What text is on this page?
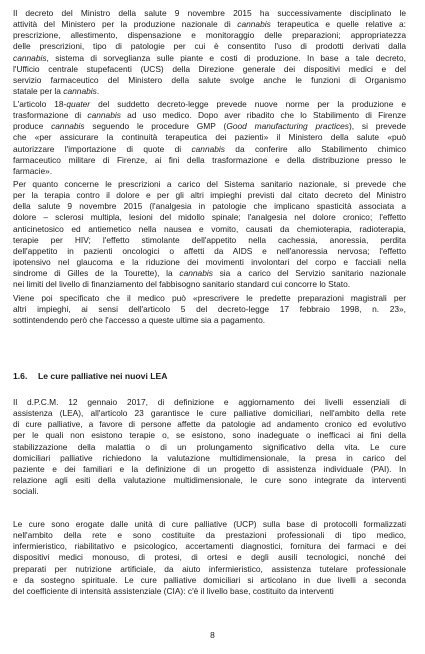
Il decreto del Ministro della salute 9 novembre 2015 ha successivamente disciplinato le
attività del Ministero per la produzione nazionale di cannabis terapeutica e quelle relative a:
prescrizione, allestimento, dispensazione e monitoraggio delle preparazioni; appropriatezza
delle prescrizioni, tipo di patologie per cui è consentito l'uso di prodotti derivati dalla
cannabis, sistema di sorveglianza sulle piante e costi di produzione. In base a tale decreto,
l'Ufficio centrale stupefacenti (UCS) della Direzione generale dei dispositivi medici e del
servizio farmaceutico del Ministero della salute svolge anche le funzioni di Organismo
statale per la cannabis.
L'articolo 18-quater del suddetto decreto-legge prevede nuove norme per la produzione e
trasformazione di cannabis ad uso medico. Dopo aver ribadito che lo Stabilimento di Firenze
produce cannabis seguendo le procedure GMP (Good manufacturing practices), si prevede
che «per assicurare la continuità terapeutica dei pazienti» il Ministero della salute «può
autorizzare l'importazione di quote di cannabis da conferire allo Stabilimento chimico
farmaceutico militare di Firenze, ai fini della trasformazione e della distribuzione presso le
farmacie».
Per quanto concerne le prescrizioni a carico del Sistema sanitario nazionale, si prevede che
per la terapia contro il dolore e per gli altri impieghi previsti dal citato decreto del Ministro
della salute 9 novembre 2015 (l'analgesia in patologie che implicano spasticità associata a
dolore – sclerosi multipla, lesioni del midollo spinale; l'analgesia nel dolore cronico; l'effetto
anticinetosico ed antiemetico nella nausea e vomito, causati da chemioterapia, radioterapia,
terapie per HIV; l'effetto stimolante dell'appetito nella cachessia, anoressia, perdita
dell'appetito in pazienti oncologici o affetti da AIDS e nell'anoressia nervosa; l'effetto
ipotensivo nel glaucoma e la riduzione dei movimenti involontari del corpo e facciali nella
sindrome di Gilles de la Tourette), la cannabis sia a carico del Servizio sanitario nazionale
nei limiti del livello di finanziamento del fabbisogno sanitario standard cui concorre lo Stato.
Viene poi specificato che il medico può «prescrivere le predette preparazioni magistrali per
altri impieghi, ai sensi dell'articolo 5 del decreto-legge 17 febbraio 1998, n. 23»,
sottintendendo però che l'accesso a queste ultime sia a pagamento.
1.6. Le cure palliative nei nuovi LEA
Il d.P.C.M. 12 gennaio 2017, di definizione e aggiornamento dei livelli essenziali di
assistenza (LEA), all'articolo 23 garantisce le cure palliative domiciliari, nell'ambito della rete
di cure palliative, a favore di persone affette da patologie ad andamento cronico ed evolutivo
per le quali non esistono terapie o, se esistono, sono inadeguate o inefficaci ai fini della
stabilizzazione della malattia o di un prolungamento significativo della vita. Le cure
domiciliari palliative richiedono la valutazione multidimensionale, la presa in carico del
paziente e dei familiari e la definizione di un progetto di assistenza individuale (PAI). In
relazione agli esiti della valutazione multidimensionale, le cure sono integrate da interventi
sociali.
Le cure sono erogate dalle unità di cure palliative (UCP) sulla base di protocolli formalizzati
nell'ambito della rete e sono costituite da prestazioni professionali di tipo medico,
infermieristico, riabilitativo e psicologico, accertamenti diagnostici, fornitura dei farmaci e dei
dispositivi medici monouso, di protesi, di ortesi e degli ausili tecnologici, nonché dei
preparati per nutrizione artificiale, da aiuto infermieristico, assistenza tutelare professionale
e da sostegno spirituale. Le cure palliative domiciliari si articolano in due livelli a seconda
del coefficiente di intensità assistenziale (CIA): c'è il livello base, costituito da interventi
8
